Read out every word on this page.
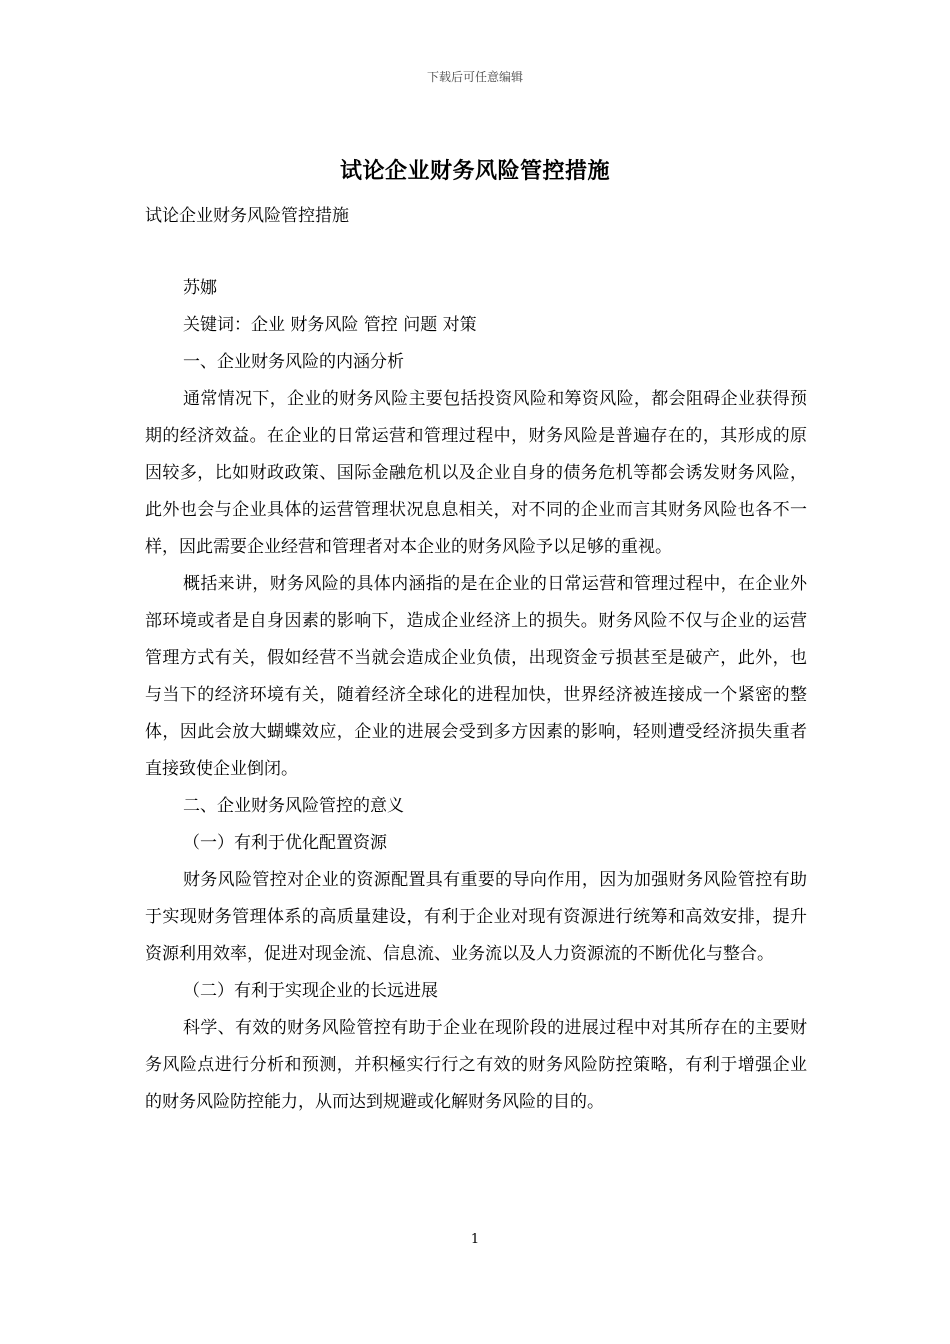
下载后可任意编辑
试论企业财务风险管控措施
试论企业财务风险管控措施

苏娜

关键词：企业 财务风险 管控 问题 对策

一、企业财务风险的内涵分析

通常情况下，企业的财务风险主要包括投资风险和筹资风险，都会阻碍企业获得预期的经济效益。在企业的日常运营和管理过程中，财务风险是普遍存在的，其形成的原因较多，比如财政政策、国际金融危机以及企业自身的债务危机等都会诱发财务风险，此外也会与企业具体的运营管理状况息息相关，对不同的企业而言其财务风险也各不一样，因此需要企业经营和管理者对本企业的财务风险予以足够的重视。

概括来讲，财务风险的具体内涵指的是在企业的日常运营和管理过程中，在企业外部环境或者是自身因素的影响下，造成企业经济上的损失。财务风险不仅与企业的运营管理方式有关，假如经营不当就会造成企业负债，出现资金亏损甚至是破产，此外，也与当下的经济环境有关，随着经济全球化的进程加快，世界经济被连接成一个紧密的整体，因此会放大蝴蝶效应，企业的进展会受到多方因素的影响，轻则遭受经济损失重者直接致使企业倒闭。

二、企业财务风险管控的意义

（一）有利于优化配置资源

财务风险管控对企业的资源配置具有重要的导向作用，因为加强财务风险管控有助于实现财务管理体系的高质量建设，有利于企业对现有资源进行统筹和高效安排，提升资源利用效率，促进对现金流、信息流、业务流以及人力资源流的不断优化与整合。

（二）有利于实现企业的长远进展

科学、有效的财务风险管控有助于企业在现阶段的进展过程中对其所存在的主要财务风险点进行分析和预测，并积極实行行之有效的财务风险防控策略，有利于增强企业的财务风险防控能力，从而达到规避或化解财务风险的目的。

1
